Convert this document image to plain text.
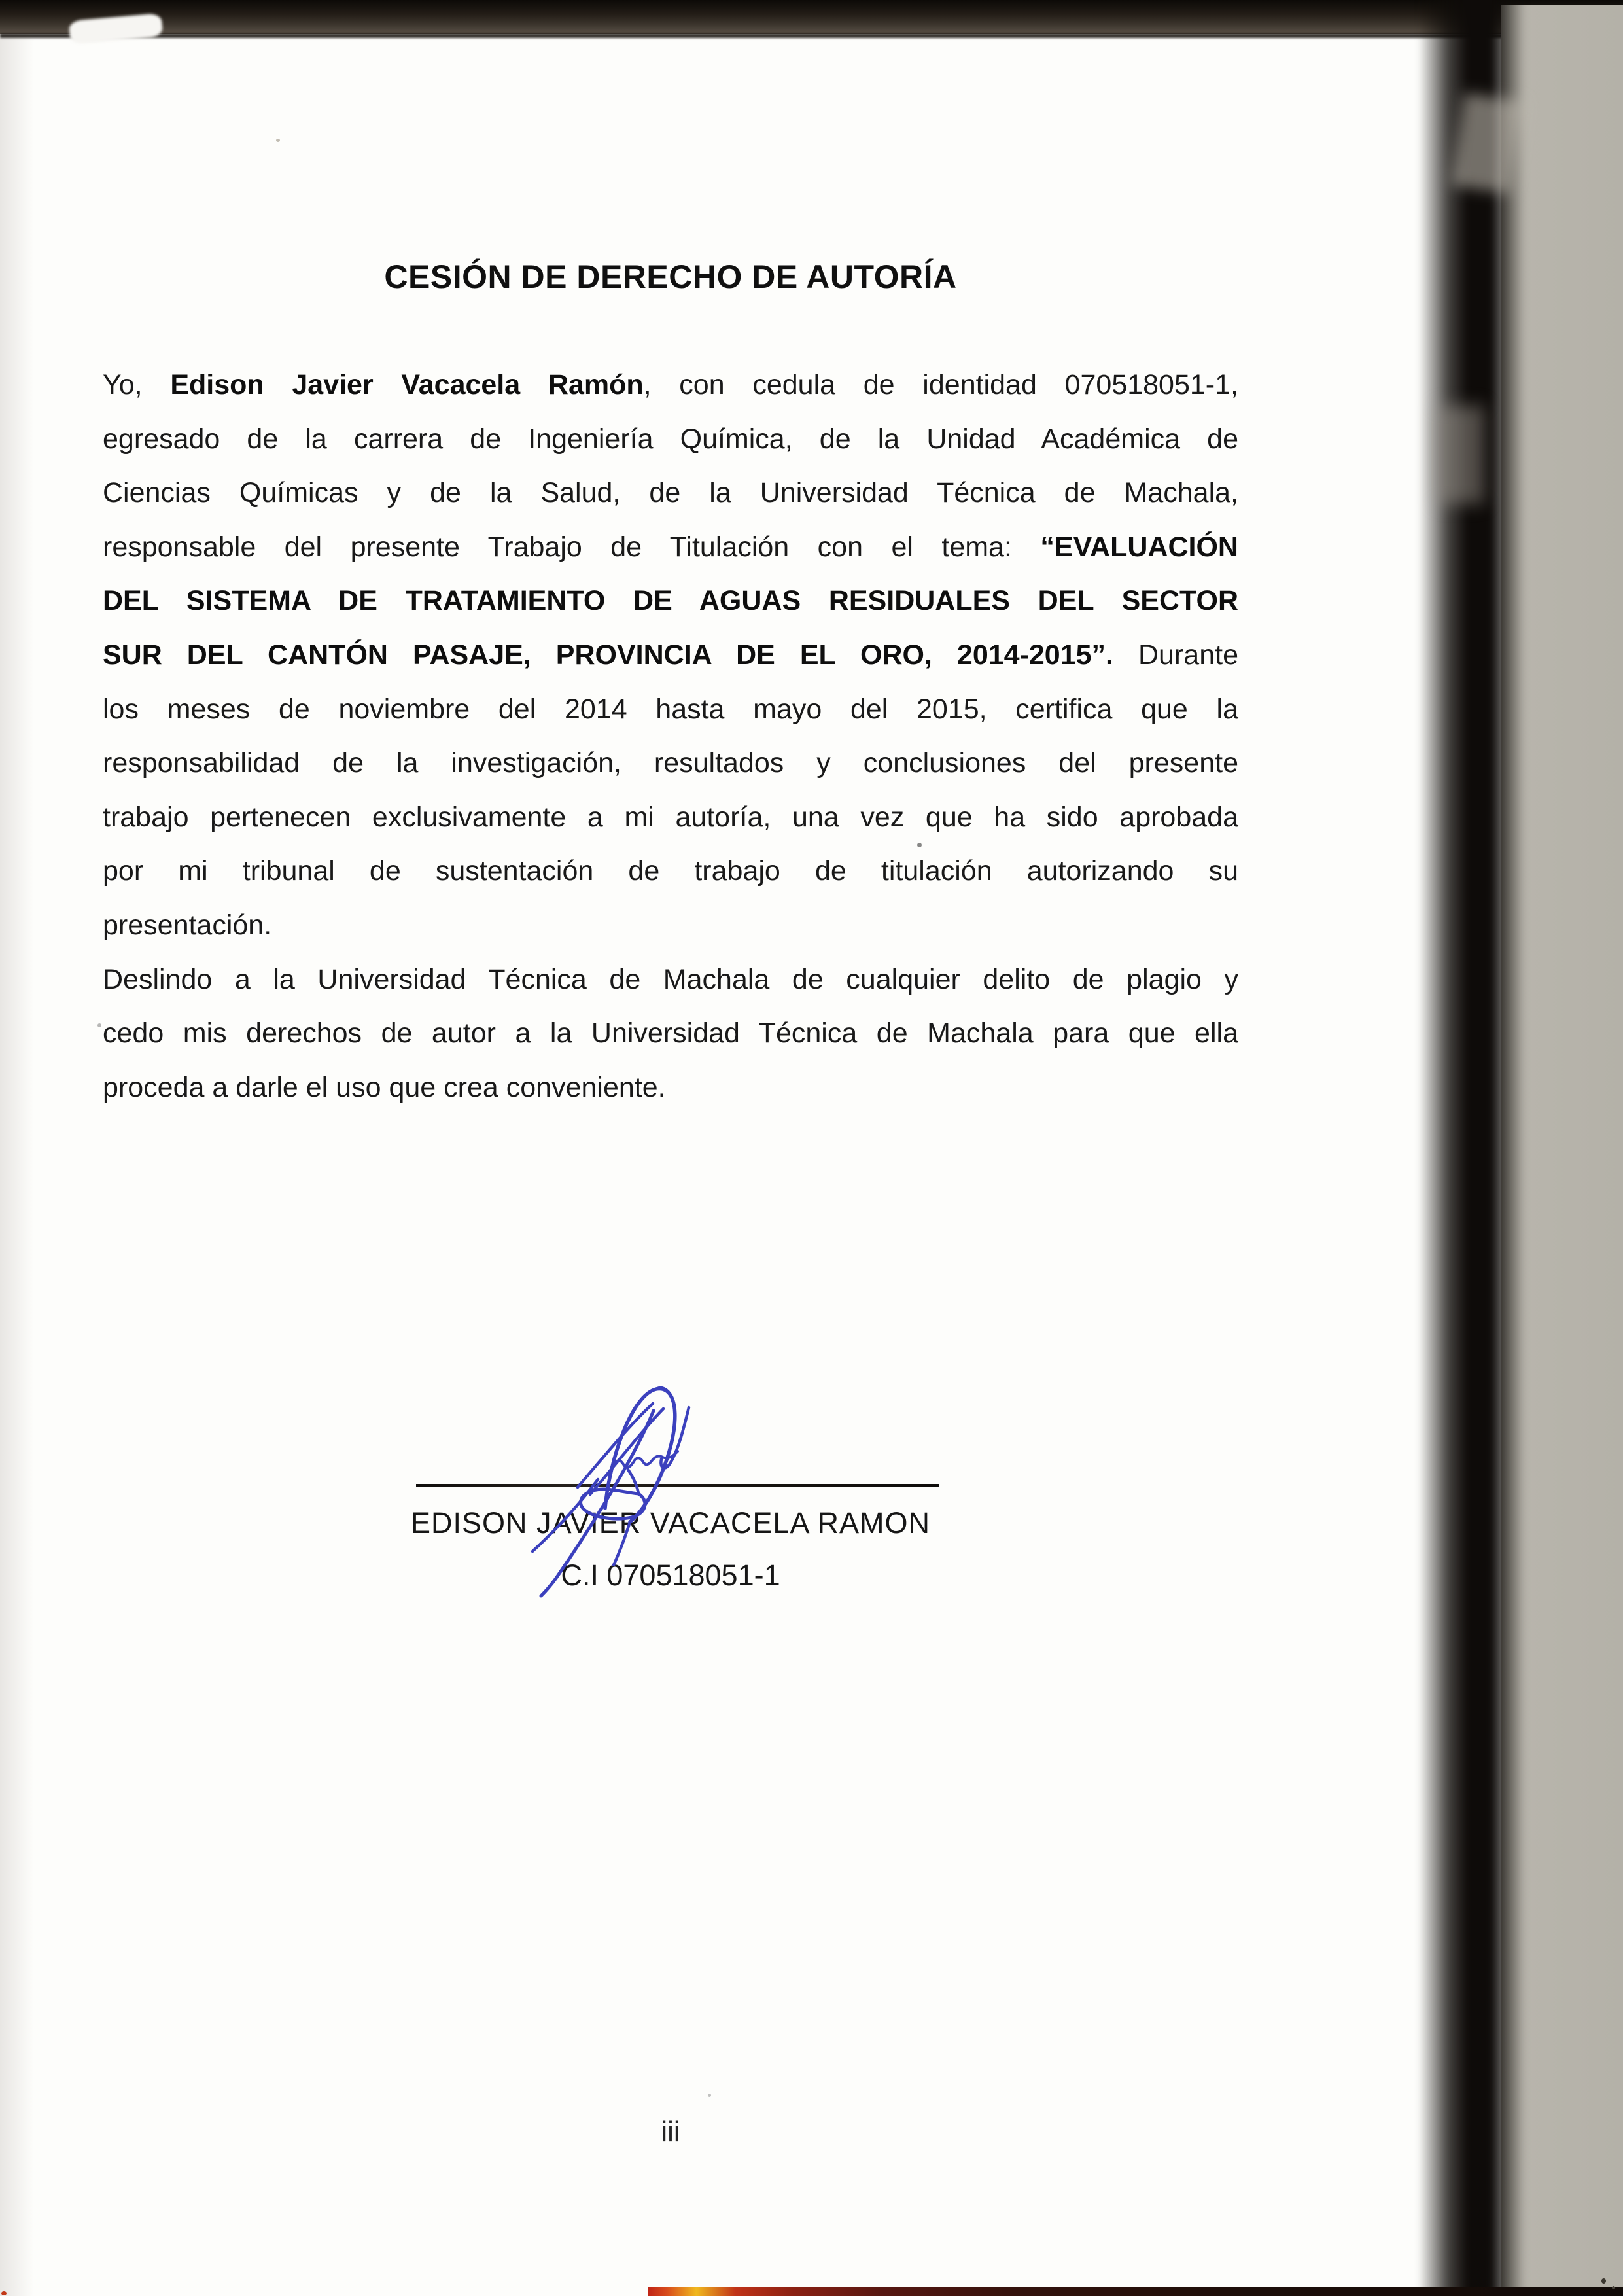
CESIÓN DE DERECHO DE AUTORÍA
Yo, Edison Javier Vacacela Ramón, con cedula de identidad 070518051-1,
egresado de la carrera de Ingeniería Química, de la Unidad Académica de
Ciencias Químicas y de la Salud, de la Universidad Técnica de Machala,
responsable del presente Trabajo de Titulación con el tema: “EVALUACIÓN
DEL SISTEMA DE TRATAMIENTO DE AGUAS RESIDUALES DEL SECTOR
SUR DEL CANTÓN PASAJE, PROVINCIA DE EL ORO, 2014-2015”. Durante
los meses de noviembre del 2014 hasta mayo del 2015, certifica que la
responsabilidad de la investigación, resultados y conclusiones del presente
trabajo pertenecen exclusivamente a mi autoría, una vez que ha sido aprobada
por mi tribunal de sustentación de trabajo de titulación autorizando su
presentación.
Deslindo a la Universidad Técnica de Machala de cualquier delito de plagio y
cedo mis derechos de autor a la Universidad Técnica de Machala para que ella
proceda a darle el uso que crea conveniente.
EDISON JAVIER VACACELA RAMON
C.I 070518051-1
iii
